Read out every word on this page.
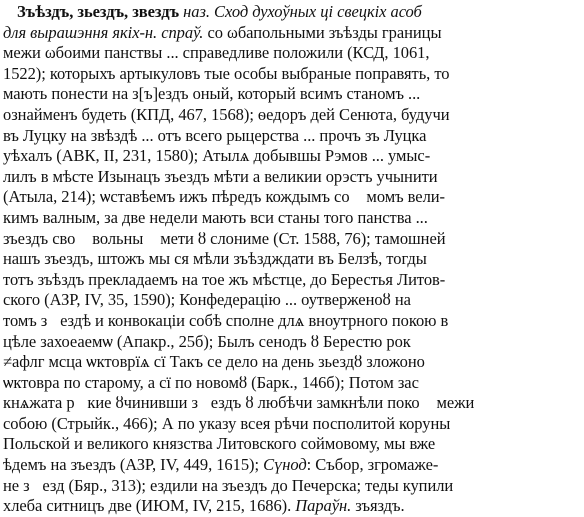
Зъѣздъ, зьездъ, звездъ наз. Сход духоўных ці свецкіх асоб
для вырашэння якіх-н. спраў. со ωбапольными зъѣзды границы
межи ωбоими панствы ... справедливе положили (КСД, 1061,
1522); которыхъ артыкуловъ тые особы выбраные поправять, то
мають понести на з[ъ]ездъ оный, который всимъ станомъ ...
ознайменъ будеть (КПД, 467, 1568); ѳедоръ дей Сенюта, будучи
въ Луцку на звѣздѣ ... отъ всего рыцерства ... прочъ зъ Луцка
уѣхалъ (АВК, II, 231, 1580); Атылѧ добывшы Рэмов ... умыс-
лилъ в мѣсте Изынацъ зъездъ мѣти а великии орэстъ учынити
(Атыла, 214); ѡставѣемъ ижъ пѣредъ кождымъ соⷨ момъ вели-
кимъ валным, за две недели мають вси станы того панства ...
зъездъ своⷨ вольныⷨ мети ȣ слониме (Ст. 1588, 76); тамошней
нашъ зъездъ, штожъ мы ся мѣли зъѣздждати въ Белзѣ, тогды
тотъ зъѣздъ прекладаемъ на тое жъ мѣстце, до Берестья Литов-
ского (АЗР, IV, 35, 1590); Конфедерацію ... оутверженоȣ на
томъ зⷨездѣ и конвокаціи собѣ сполне длѧ вноутрного покою вⷨ
цѣле захоеаемѡ (Апакр., 25б); Былъ сенодъ ȣ Берестю рок
≠афлг мсца ѡктоврїѧ сї Такъ се дело на день зьездȣ зложоно
ѡктовра по старому, а сї по новомȣ (Барк., 146б); Потом зас
кнѧжата рⷭкие ȣчинивши зⷨездъ ȣ любѣчи замкнѣли покоⷨ межи
собою (Стрыйк., 466); А по указу всея рѣчи посполитой коруны
Польской и великого князства Литовского соймовому, мы вже
ѣдемъ на зъездъ (АЗР, IV, 449, 1615); Сүнод: Събор, згромаже-
не зⷨезд (Бяр., 313); ездили на зъездъ до Печерска; теды купили
хлеба ситницъ две (ИЮМ, IV, 215, 1686). Параўн. зъяздъ.
